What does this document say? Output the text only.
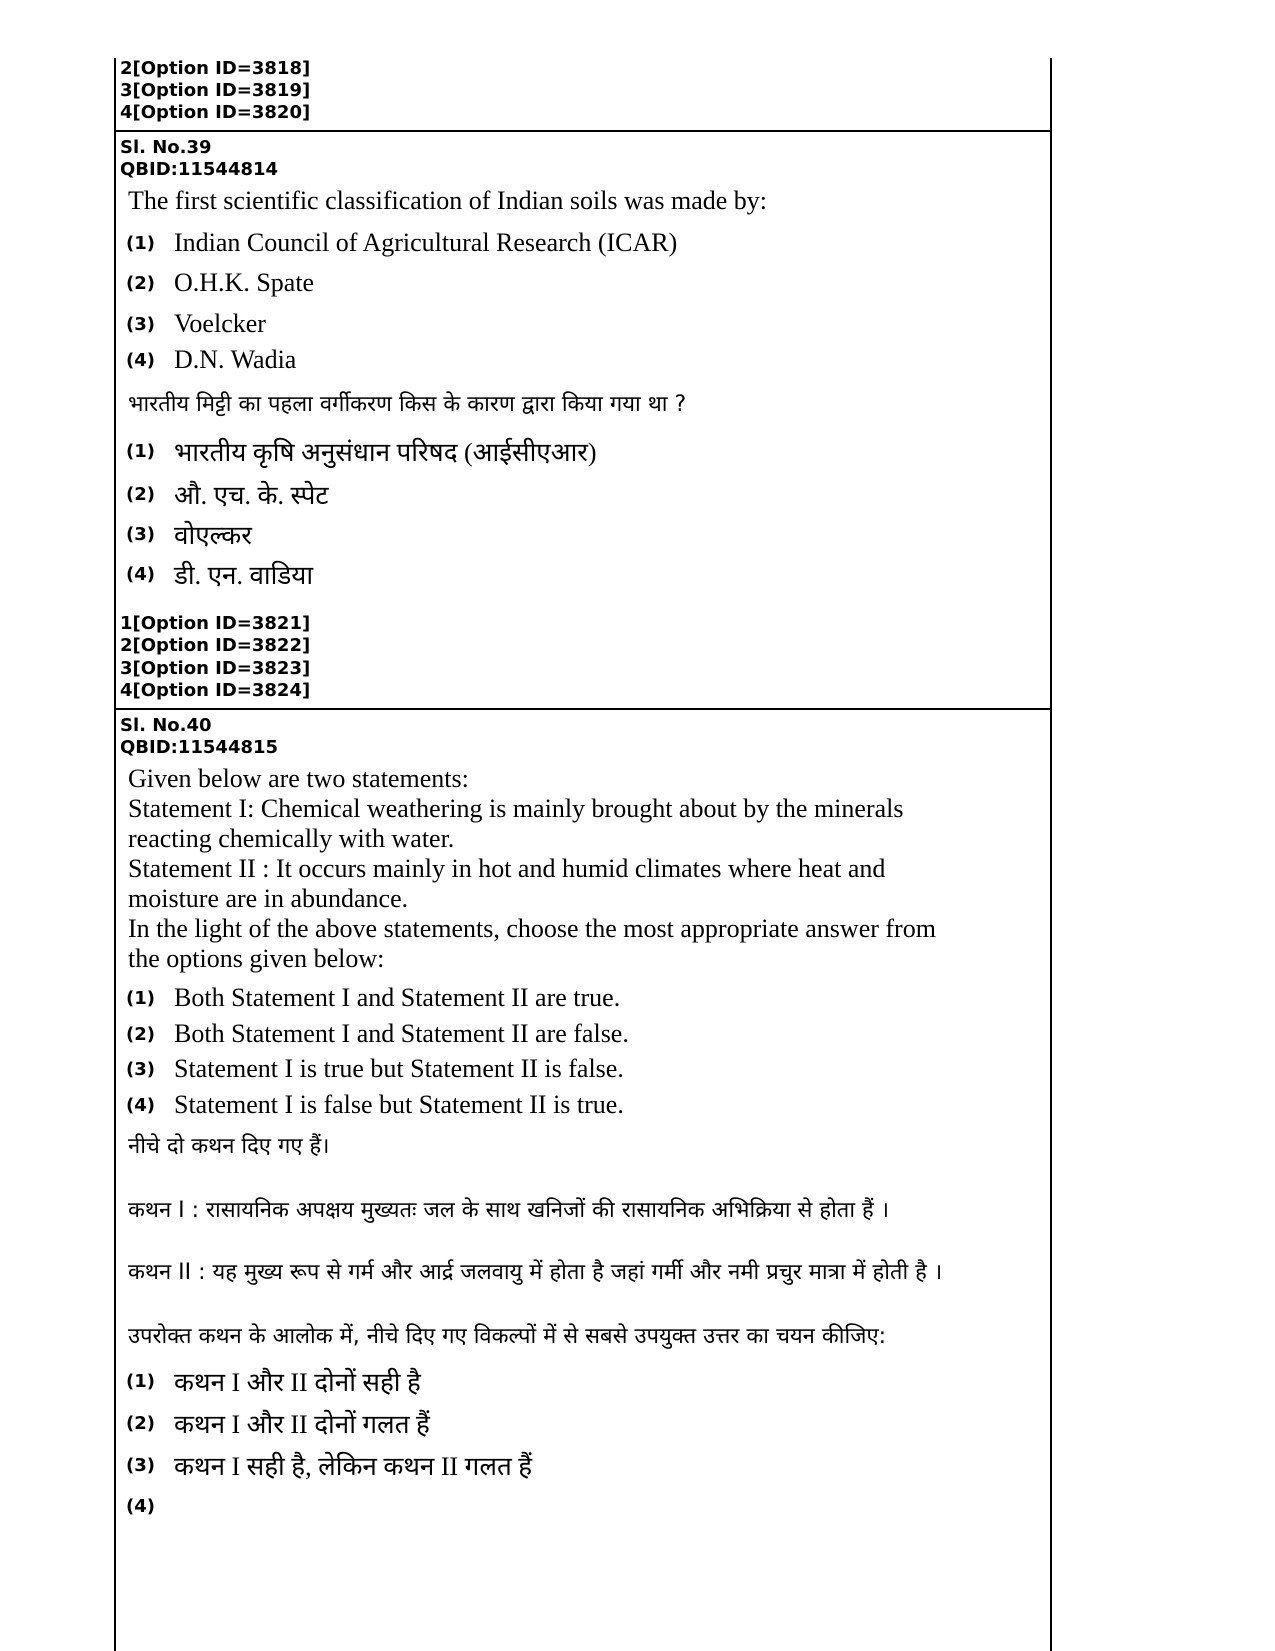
2[Option ID=3818]
3[Option ID=3819]
4[Option ID=3820]
Sl. No.39
QBID:11544814
The first scientific classification of Indian soils was made by:
(1) Indian Council of Agricultural Research (ICAR)
(2) O.H.K. Spate
(3) Voelcker
(4) D.N. Wadia
भारतीय मिट्टी का पहला वर्गीकरण किस के कारण द्वारा किया गया था ?
(1) भारतीय कृषि अनुसंधान परिषद (आईसीएआर)
(2) औ. एच. के. स्पेट
(3) वोएल्कर
(4) डी. एन. वाडिया
1[Option ID=3821]
2[Option ID=3822]
3[Option ID=3823]
4[Option ID=3824]
Sl. No.40
QBID:11544815
Given below are two statements:
Statement I: Chemical weathering is mainly brought about by the minerals
reacting chemically with water.
Statement II : It occurs mainly in hot and humid climates where heat and
moisture are in abundance.
In the light of the above statements, choose the most appropriate answer from
the options given below:
(1) Both Statement I and Statement II are true.
(2) Both Statement I and Statement II are false.
(3) Statement I is true but Statement II is false.
(4) Statement I is false but Statement II is true.
नीचे दो कथन दिए गए हैं।
कथन I : रासायनिक अपक्षय मुख्यतः जल के साथ खनिजों की रासायनिक अभिक्रिया से होता हैं ।
कथन II : यह मुख्य रूप से गर्म और आर्द्र जलवायु में होता है जहां गर्मी और नमी प्रचुर मात्रा में होती है ।
उपरोक्त कथन के आलोक में, नीचे दिए गए विकल्पों में से सबसे उपयुक्त उत्तर का चयन कीजिए:
(1) कथन I और II दोनों सही है
(2) कथन I और II दोनों गलत हैं
(3) कथन I सही है, लेकिन कथन II गलत हैं
(4)
